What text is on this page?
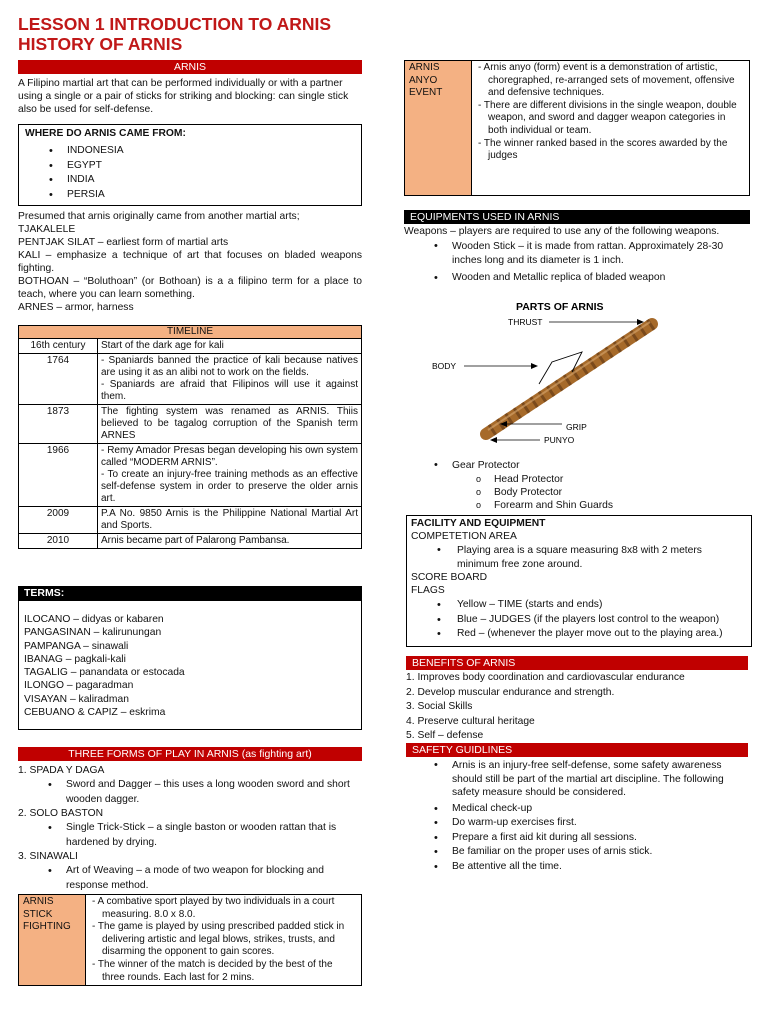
LESSON 1 INTRODUCTION TO ARNIS
HISTORY OF ARNIS
ARNIS

A Filipino martial art that can be performed individually or with a partner using a single or a pair of sticks for striking and blocking: can single stick also be used for self-defense.

WHERE DO ARNIS CAME FROM:
• INDONESIA
• EGYPT
• INDIA
• PERSIA

Presumed that arnis originally came from another martial arts;

TJAKALELE

PENTJAK SILAT – earliest form of martial arts

KALI – emphasize a technique of art that focuses on bladed weapons fighting.

BOTHOAN – “Boluthoan” (or Bothoan) is a a filipino term for a place to teach, where you can learn something.

ARNES – armor, harness

TIMELINE
16th century	Start of the dark age for kali
1764	- Spaniards banned the practice of kali because natives are using it as an alibi not to work on the fields.
- Spaniards are afraid that Filipinos will use it against them.
1873	The fighting system was renamed as ARNIS. Thiis believed to be tagalog corruption of the Spanish term ARNES
1966	- Remy Amador Presas began developing his own system called “MODERM ARNIS”.
- To create an injury-free training methods as an effective self-defense system in order to preserve the older arnis art.
2009	P.A No. 9850 Arnis is the Philippine National Martial Art and Sports.
2010	Arnis became part of Palarong Pambansa.
TERMS:

ILOCANO – didyas or kabaren

PANGASINAN – kalirunungan

PAMPANGA – sinawali

IBANAG – pagkali-kali

TAGALIG – panandata or estocada

ILONGO – pagaradman

VISAYAN – kaliradman

CEBUANO & CAPIZ – eskrima

THREE FORMS OF PLAY IN ARNIS (as fighting art)

1. SPADA Y DAGA

• Sword and Dagger – this uses a long wooden sword and short wooden dagger.

2. SOLO BASTON

• Single Trick-Stick – a single baston or wooden rattan that is hardened by drying.

3. SINAWALI

• Art of Weaving – a mode of two weapon for blocking and response method.
ARNIS
STICK
FIGHTING	
- A combative sport played by two individuals in a court measuring. 8.0 x 8.0.
- The game is played by using prescribed padded stick in delivering artistic and legal blows, strikes, trusts, and disarming the opponent to gain scores.
- The winner of the match is decided by the best of the three rounds. Each last for 2 mins.
ARNIS
ANYO
EVENT	
- Arnis anyo (form) event is a demonstration of artistic, choregraphed, re-arranged sets of movement, offensive and defensive techniques.
- There are different divisions in the single weapon, double weapon, and sword and dagger weapon categories in both individual or team.
- The winner ranked based in the scores awarded by the judges
EQUIPMENTS USED IN ARNIS

Weapons – players are required to use any of the following weapons.

• Wooden Stick – it is made from rattan. Approximately 28-30 inches long and its diameter is 1 inch.
• Wooden and Metallic replica of bladed weapon
PARTS OF ARNIS
THRUST
BODY
GRIP
PUNYO
• Gear Protector
o Head Protector
o Body Protector
o Forearm and Shin Guards
FACILITY AND EQUIPMENT
COMPETETION AREA
• Playing area is a square measuring 8x8 with 2 meters minimum free zone around.
SCORE BOARD
FLAGS
• Yellow – TIME (starts and ends)
• Blue – JUDGES (if the players lost control to the weapon)
• Red – (whenever the player move out to the playing area.)
BENEFITS OF ARNIS

1. Improves body coordination and cardiovascular endurance

2. Develop muscular endurance and strength.

3. Social Skills

4. Preserve cultural heritage

5. Self – defense

SAFETY GUIDLINES
• Arnis is an injury-free self-defense, some safety awareness should still be part of the martial art discipline. The following safety measure should be considered.
• Medical check-up
• Do warm-up exercises first.
• Prepare a first aid kit during all sessions.
• Be familiar on the proper uses of arnis stick.
• Be attentive all the time.
